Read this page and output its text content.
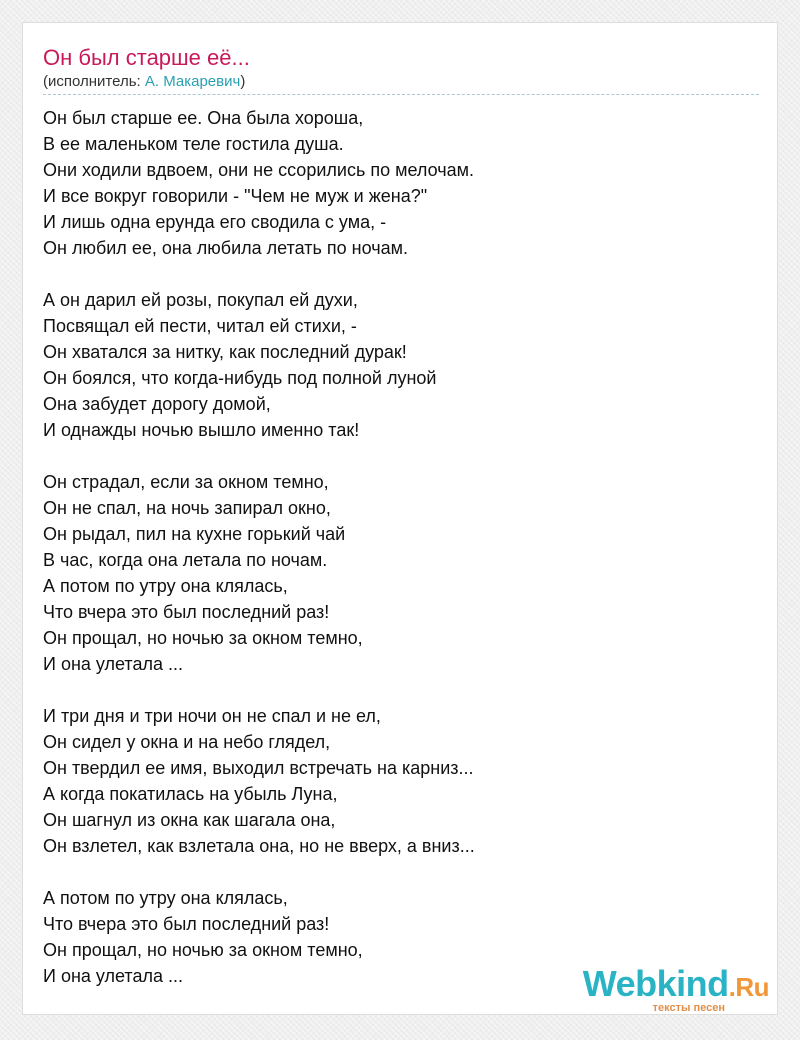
Он был старше её...
(исполнитель: А. Макаревич)
Он был старше ее. Она была хороша,
В ее маленьком теле гостила душа.
Они ходили вдвоем, они не ссорились по мелочам.
И все вокруг говорили - "Чем не муж и жена?"
И лишь одна ерунда его сводила с ума, -
Он любил ее, она любила летать по ночам.
А он дарил ей розы, покупал ей духи,
Посвящал ей пести, читал ей стихи, -
Он хватался за нитку, как последний дурак!
Он боялся, что когда-нибудь под полной луной
Она забудет дорогу домой,
И однажды ночью вышло именно так!
Он страдал, если за окном темно,
Он не спал, на ночь запирал окно,
Он рыдал, пил на кухне горький чай
В час, когда она летала по ночам.
А потом по утру она клялась,
Что вчера это был последний раз!
Он прощал, но ночью за окном темно,
И она улетала ...
И три дня и три ночи он не спал и не ел,
Он сидел у окна и на небо глядел,
Он твердил ее имя, выходил встречать на карниз...
А когда покатилась на убыль Луна,
Он шагнул из окна как шагала она,
Он взлетел, как взлетала она, но не вверх, а вниз...
А потом по утру она клялась,
Что вчера это был последний раз!
Он прощал, но ночью за окном темно,
И она улетала ...	Webkind.Ru
тексты песен
